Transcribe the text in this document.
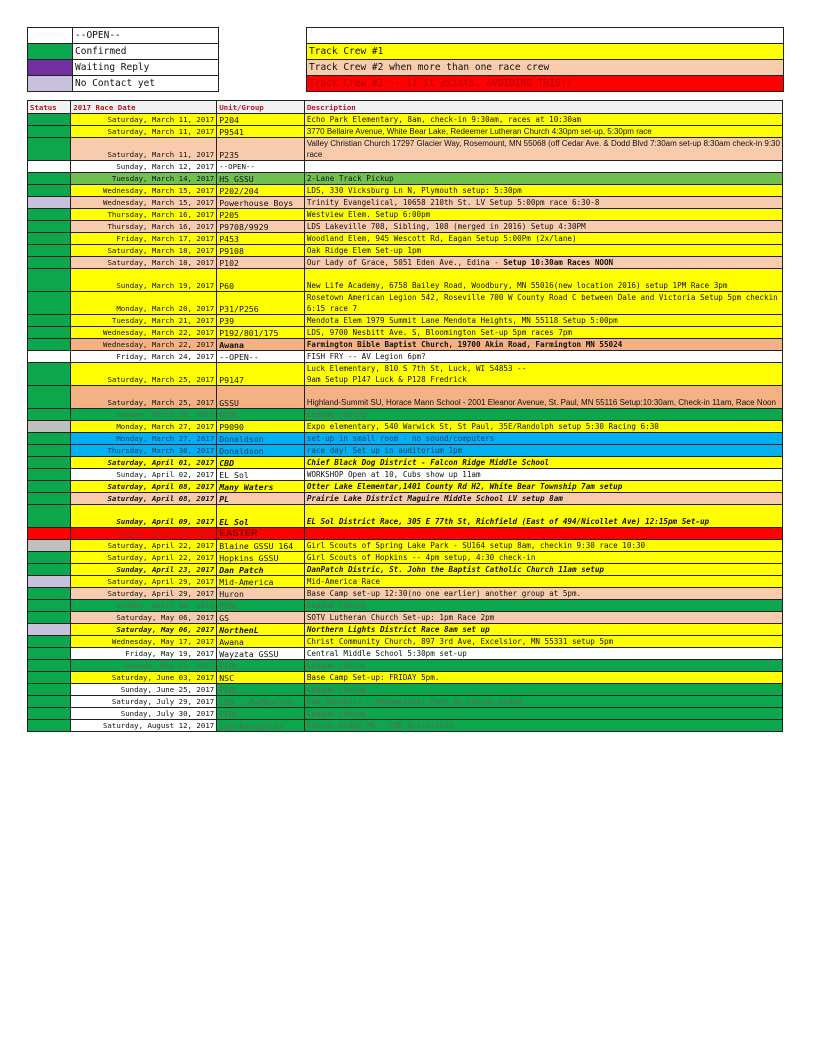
--OPEN--
Confirmed
Waiting Reply
No Contact yet
Track Crew #1
Track Crew #2 when more than one race crew
Track Crew #3 -- if it exists. AVOIDING THIS!!
Status	2017 Race Date	Unit/Group	Description
	Saturday, March 11, 2017	P204	Echo Park Elementary, 8am, check-in 9:30am, races at 10:30am
	Saturday, March 11, 2017	P9541	3770 Bellaire Avenue, White Bear Lake, Redeemer Lutheran Church 4:30pm set-up, 5:30pm race
	Saturday, March 11, 2017	P235	Valley Christian Church 17297 Glacier Way, Rosemount, MN 55068 (off Cedar Ave. & Dodd Blvd 7:30am set-up 8:30am check-in 9:30 race
	Sunday, March 12, 2017	--OPEN--	
	Tuesday, March 14, 2017	HS GSSU	2-Lane Track Pickup
	Wednesday, March 15, 2017	P202/204	LDS, 330 Vicksburg Ln N, Plymouth setup: 5:30pm
	Wednesday, March 15, 2017	Powerhouse Boys	Trinity Evangelical, 10658 210th St. LV Setup 5:00pm race 6:30-8
	Thursday, March 16, 2017	P205	Westview Elem. Setup 6:00pm
	Thursday, March 16, 2017	P9708/9929	LDS Lakeville 708, Sibling, 108 (merged in 2016) Setup 4:30PM
	Friday, March 17, 2017	P453	Woodland Elem, 945 Wescott Rd, Eagan Setup 5:00Pm (2x/lane)
	Saturday, March 18, 2017	P9108	Oak Ridge Elem Set-up 1pm
	Saturday, March 18, 2017	P102	Our Lady of Grace, 5051 Eden Ave., Edina - Setup 10:30am Races NOON
	Sunday, March 19, 2017	P60	New Life Academy, 6758 Bailey Road, Woodbury, MN 55016(new location 2016) setup 1PM Race 3pm
	Monday, March 20, 2017	P31/P256	Rosetown American Legion 542, Roseville 700 W County Road C between Dale and Victoria Setup 5pm checkin 6:15 race 7
	Tuesday, March 21, 2017	P39	Mendota Elem 1979 Summit Lane Mendota Heights, MN 55118 Setup 5:00pm
	Wednesday, March 22, 2017	P192/801/175	LDS, 9700 Nesbitt Ave. S, Bloomington Set-up 5pm races 7pm
	Wednesday, March 22, 2017	Awana	Farmington Bible Baptist Church, 19700 Akin Road, Farmington MN 55024
	Friday, March 24, 2017	--OPEN--	FISH FRY -- AV Legion 6pm?
	Saturday, March 25, 2017	P9147	Luck Elementary, 810 S 7th St, Luck, WI 54853 --
9am Setup P147 Luck & P128 Fredrick
	Saturday, March 25, 2017	GSSU	Highland-Summit SU, Horace Mann School - 2001 Eleanor Avenue, St. Paul, MN 55116 Setup:10:30am, Check-in 11am, Race Noon
	Sunday, March 26, 2017	PIRL	League racing
	Monday, March 27, 2017	P9090	Expo elementary, 540 Warwick St, St Paul, 35E/Randolph setup 5:30 Racing 6:30
	Monday, March 27, 2017	Donaldson	set-up in small room - no sound/computers
	Thursday, March 30, 2017	Donaldson	race day! Set up in auditorium 1pm
	Saturday, April 01, 2017	CBD	Chief Black Dog District - Falcon Ridge Middle School
	Sunday, April 02, 2017	EL Sol	WORKSHOP Open at 10, Cubs show up 11am
	Saturday, April 08, 2017	Many Waters	Otter Lake Elementar,1401 County Rd H2, White Bear Township 7am setup
	Saturday, April 08, 2017	PL	Prairie Lake District Maguire Middle School LV setup 8am
	Sunday, April 09, 2017	EL Sol	EL Sol District Race, 305 E 77th St, Richfield (East of 494/Nicollet Ave) 12:15pm Set-up
	Sunday, April 16, 2017	EASTER	
	Saturday, April 22, 2017	Blaine GSSU 164	Girl Scouts of Spring Lake Park - SU164 setup 8am, checkin 9:30 race 10:30
	Saturday, April 22, 2017	Hopkins GSSU	Girl Scouts of Hopkins -- 4pm setup, 4:30 check-in
	Sunday, April 23, 2017	Dan Patch	DanPatch Distric, St. John the Baptist Catholic Church 11am setup
	Saturday, April 29, 2017	Mid-America	Mid-America Race
	Saturday, April 29, 2017	Huron	Base Camp set-up 12:30(no one earlier) another group at 5pm.
	Sunday, April 30, 2017	PIRL	League racing
	Saturday, May 06, 2017	GS	SOTV Lutheran Church Set-up: 1pm Race 2pm
	Saturday, May 06, 2017	NorthenL	Northern Lights District Race 8am set up
	Wednesday, May 17, 2017	Awana	Christ Community Church, 897 3rd Ave, Excelsior, MN 55331 setup 5pm
	Friday, May 19, 2017	Wayzata GSSU	Central Middle School 5:30pm set-up
	Sunday, May 21, 2017	PIRL	League racing
	Saturday, June 03, 2017	NSC	Base Camp Set-up: FRIDAY 5pm.
	Sunday, June 25, 2017	PIRL	League racing
	Saturday, July 29, 2017	CBD - PwdRacing	Cub Annoplis - Hegemeister Park by Falcon Ridge
	Sunday, July 30, 2017	PIRL	League racing
	Saturday, August 12, 2017	Cub-Annapolis	Falcon Ridge MS - CBD Activities
